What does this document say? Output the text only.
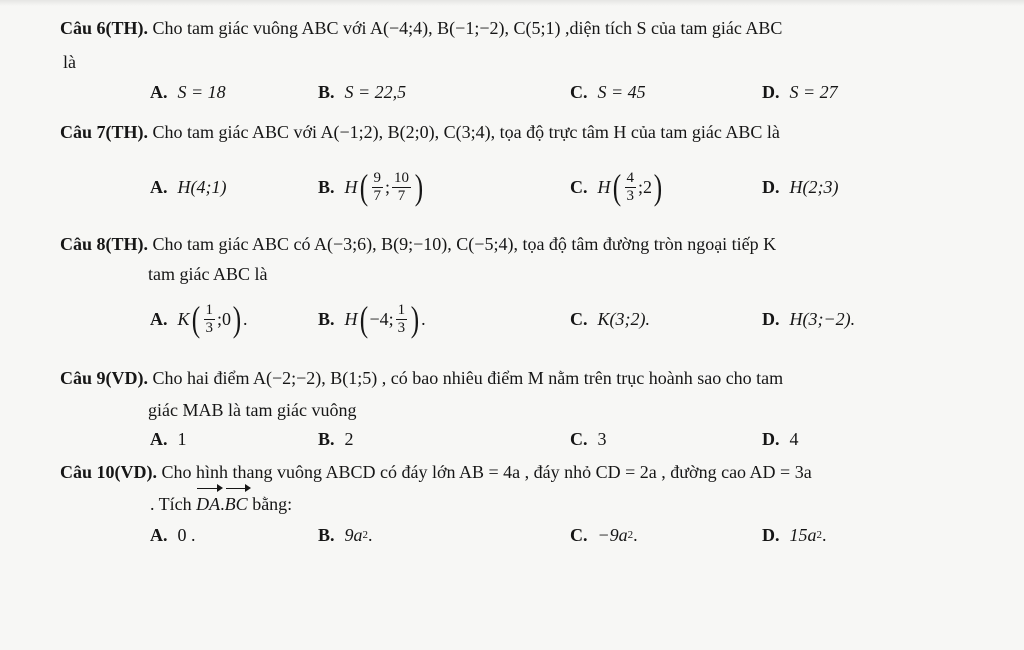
Câu 6(TH). Cho tam giác vuông ABC với A(−4;4), B(−1;−2), C(5;1) ,diện tích S của tam giác ABC
là
A. S = 18	B. S = 22,5	C. S = 45	D. S = 27
Câu 7(TH). Cho tam giác ABC với A(−1;2), B(2;0), C(3;4), tọa độ trực tâm H của tam giác ABC là
A. H(4;1)	B. H ( $\frac{9}{7}$ ; $\frac{10}{7}$ )	C. H ( $\frac{4}{3}$ ;2 )	D. H(2;3)
Câu 8(TH). Cho tam giác ABC có A(−3;6), B(9;−10), C(−5;4), tọa độ tâm đường tròn ngoại tiếp K
tam giác ABC là
A. K ( $\frac{1}{3}$ ;0 ) .	B. H ( −4; $\frac{1}{3}$ ) .	C. K(3;2).	D. H(3;−2).
Câu 9(VD). Cho hai điểm A(−2;−2), B(1;5) , có bao nhiêu điểm M nằm trên trục hoành sao cho tam
giác MAB là tam giác vuông
A. 1	B. 2	C. 3	D. 4
Câu 10(VD). Cho hình thang vuông ABCD có đáy lớn AB = 4a , đáy nhỏ CD = 2a , đường cao AD = 3a
. Tích DA.BC bằng:
A. 0 .	B. 9a 2 .	C. −9a 2 .	D. 15a 2 .
